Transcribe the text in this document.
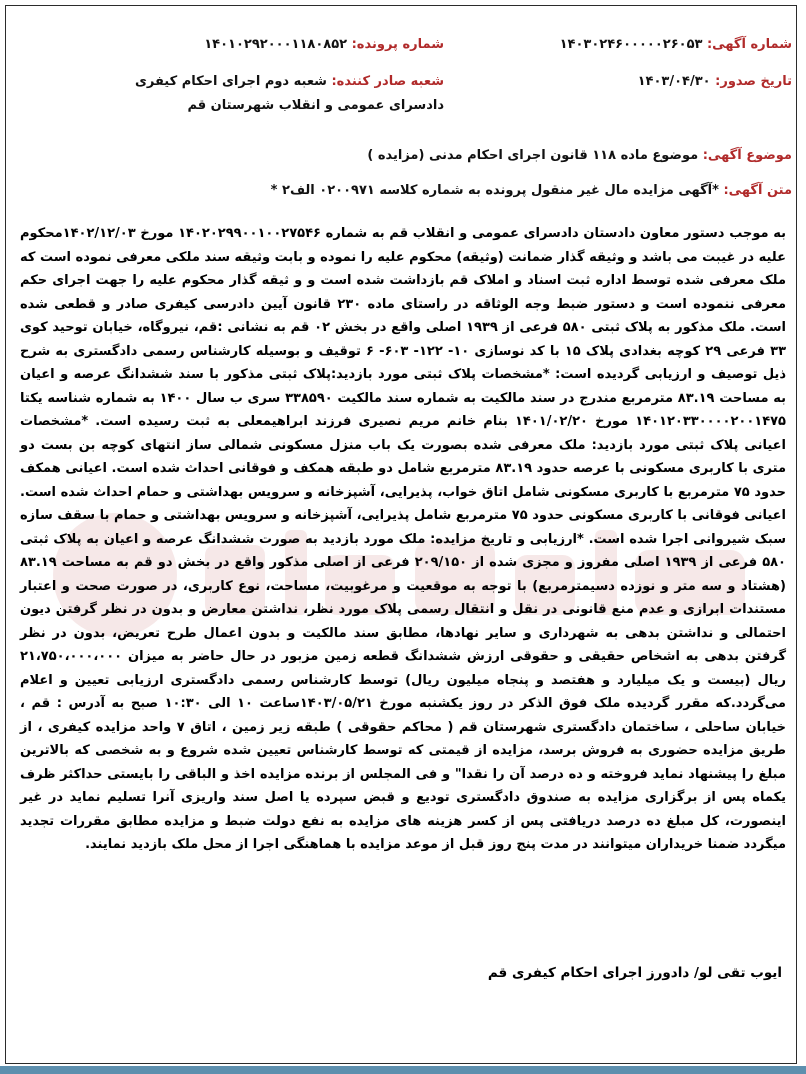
شماره آگهی: ۱۴۰۳۰۲۴۶۰۰۰۰۰۲۶۰۵۳
شماره پرونده: ۱۴۰۱۰۲۹۲۰۰۰۱۱۸۰۸۵۲
تاریخ صدور: ۱۴۰۳/۰۴/۳۰
شعبه صادر کننده: شعبه دوم اجرای احکام کیفری دادسرای عمومی و انقلاب شهرستان قم
موضوع آگهی: موضوع ماده ۱۱۸ قانون اجرای احکام مدنی (مزایده )
متن آگهی: *آگهی مزایده مال غیر منقول پرونده به شماره کلاسه ۰۲۰۰۹۷۱ الف۲ *
به موجب دستور معاون دادستان دادسرای عمومی و انقلاب قم به شماره ۱۴۰۲۰۲۹۹۰۰۱۰۰۲۷۵۴۶ مورخ ۱۴۰۲/۱۲/۰۳محکوم علیه در غیبت می باشد و وثیقه گذار ضمانت (وثیقه) محکوم علیه را نموده و بابت وثیقه سند ملکی معرفی نموده است که ملک معرفی شده توسط اداره ثبت اسناد و املاک قم بازداشت شده است و و ثیقه گذار محکوم علیه را جهت اجرای حکم معرفی ننموده است و دستور ضبط وجه الوثاقه در راستای ماده ۲۳۰ قانون آیین دادرسی کیفری صادر و قطعی شده است. ملک مذکور به پلاک ثبتی ۵۸۰ فرعی از ۱۹۳۹ اصلی واقع در بخش ۰۲ قم به نشانی :قم، نیروگاه، خیابان توحید کوی ۳۳ فرعی ۲۹ کوچه بغدادی پلاک ۱۵ با کد نوسازی ۱۰- ۱۲۲- ۶۰۳- ۶ توقیف و بوسیله کارشناس رسمی دادگستری به شرح ذیل توصیف و ارزیابی گردیده است: *مشخصات پلاک ثبتی مورد بازدید:پلاک ثبتی مذکور با سند ششدانگ عرصه و اعیان به مساحت ۸۳.۱۹ مترمربع مندرج در سند مالکیت به شماره سند مالکیت ۳۳۸۵۹۰ سری ب سال ۱۴۰۰ به شماره شناسه یکتا ۱۴۰۱۲۰۳۳۰۰۰۰۲۰۰۱۴۷۵ مورخ ۱۴۰۱/۰۲/۲۰ بنام خانم مریم نصیری فرزند ابراهیمعلی به ثبت رسیده است. *مشخصات اعیانی پلاک ثبتی مورد بازدید: ملک معرفی شده بصورت یک باب منزل مسکونی شمالی ساز انتهای کوچه بن بست دو متری با کاربری مسکونی با عرصه حدود ۸۳.۱۹ مترمربع شامل دو طبقه همکف و فوقانی احداث شده است. اعیانی همکف حدود ۷۵ مترمربع با کاربری مسکونی شامل اتاق خواب، پذیرایی، آشپزخانه و سرویس بهداشتی و حمام احداث شده است. اعیانی فوقانی با کاربری مسکونی حدود ۷۵ مترمربع شامل پذیرایی، آشپزخانه و سرویس بهداشتی و حمام با سقف سازه سبک شیروانی اجرا شده است. *ارزیابی و تاریخ مزایده: ملک مورد بازدید به صورت ششدانگ عرصه و اعیان به پلاک ثبتی ۵۸۰ فرعی از ۱۹۳۹ اصلی مفروز و مجزی شده از ۲۰۹/۱۵۰ فرعی از اصلی مذکور واقع در بخش دو قم به مساحت ۸۳.۱۹ (هشتاد و سه متر و نوزده دسیمترمربع) با توجه به موقعیت و مرغوبیت، مساحت، نوع کاربری، در صورت صحت و اعتبار مستندات ابرازی و عدم منع قانونی در نقل و انتقال رسمی پلاک مورد نظر، نداشتن معارض و بدون در نظر گرفتن دیون احتمالی و نداشتن بدهی به شهرداری و سایر نهادها، مطابق سند مالکیت و بدون اعمال طرح تعریض، بدون در نظر گرفتن بدهی به اشخاص حقیقی و حقوقی ارزش ششدانگ قطعه زمین مزبور در حال حاضر به میزان ۲۱،۷۵۰،۰۰۰،۰۰۰ ریال (بیست و یک میلیارد و هفتصد و پنجاه میلیون ریال) توسط کارشناس رسمی دادگستری ارزیابی تعیین و اعلام می‌گردد.که مقرر گردیده ملک فوق الذکر در روز یکشنبه مورخ ۱۴۰۳/۰۵/۲۱ساعت ۱۰ الی ۱۰:۳۰ صبح به آدرس : قم ، خیابان ساحلی ، ساختمان دادگستری شهرستان قم ( محاکم حقوقی ) طبقه زیر زمین ، اتاق ۷ واحد مزایده کیفری ، از طریق مزایده حضوری به فروش برسد، مزایده از قیمتی که توسط کارشناس تعیین شده شروع و به شخصی که بالاترین مبلغ را پیشنهاد نماید فروخته و ده درصد آن را نقدا" و فی المجلس از برنده مزایده اخذ و الباقی را بایستی حداکثر ظرف یکماه پس از برگزاری مزایده به صندوق دادگستری توديع و قبض سپرده یا اصل سند واریزی آنرا تسلیم نماید در غیر اینصورت، کل مبلغ ده درصد دریافتی پس از کسر هزینه های مزایده به نفع دولت ضبط و مزایده مطابق مقررات تجدید میگردد ضمنا خریداران میتوانند در مدت پنج روز قبل از موعد مزایده با هماهنگی اجرا از محل ملک بازدید نمایند.
ایوب تقی لو/ دادورز اجرای احکام کیفری قم
